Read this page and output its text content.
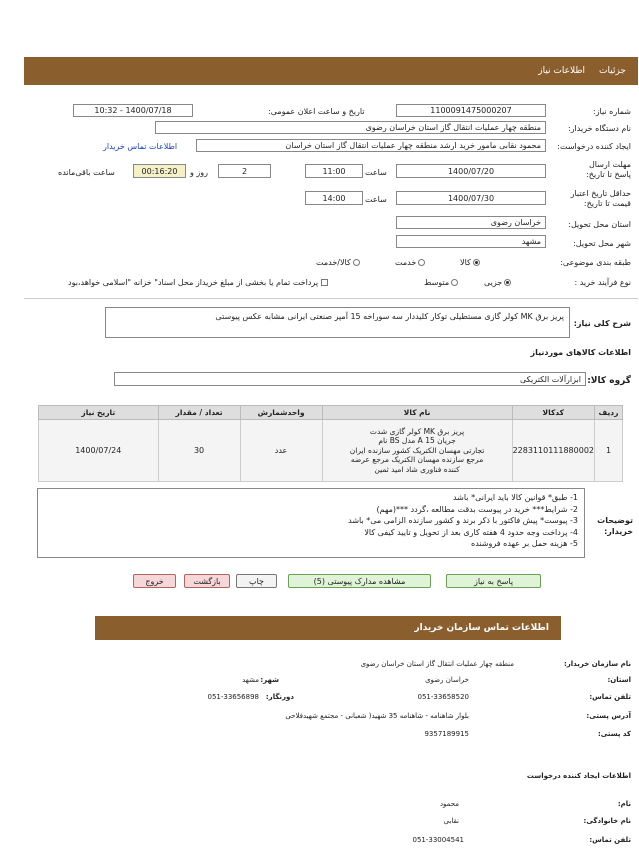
جزئیات
اطلاعات نیاز
شماره نیاز:
1100091475000207
تاریخ و ساعت اعلان عمومی:
1400/07/18 - 10:32
نام دستگاه خریدار:
منطقه چهار عملیات انتقال گاز استان خراسان رضوی
ایجاد کننده درخواست:
محمود نقابی مامور خرید ارشد منطقه چهار عملیات انتقال گاز استان خراسان
اطلاعات تماس خریدار
مهلت ارسال پاسخ تا تاریخ:
1400/07/20
ساعت
11:00
2
روز و
00:16:20
ساعت باقی‌مانده
حداقل تاریخ اعتبار قیمت تا تاریخ:
1400/07/30
ساعت
14:00
استان محل تحویل:
خراسان رضوی
شهر محل تحویل:
مشهد
طبقه بندی موضوعی:
کالا
خدمت
کالا/خدمت
نوع فرآیند خرید :
جزیی
متوسط
پرداخت تمام یا بخشی از مبلغ خریداز محل اسناد" خزانه "اسلامی خواهد،بود
شرح کلی نیاز:
پریز برق MK کولر گازی مستطیلی توکار کلیددار سه سوراخه 15 آمپر صنعتی ایرانی مشابه عکس پیوستی
اطلاعات کالاهای موردنیاز
گروه کالا:
ابزارآلات الکتریکی
ردیف	کدکالا	نام کالا	واحدشمارش	تعداد / مقدار	تاریخ نیاز
1	2283110111880002	پریز برق MK کولر گازی شدت
جریان 15 A مدل BS نام
تجارتی مهسان الکتریک کشور سازنده ایران
مرجع سازنده مهسان الکتریک مرجع عرضه
کننده فناوری شاد امید ثمین	عدد	30	1400/07/24
توضیحات خریدار:
1- طبق* قوانین کالا باید ایرانی* باشد
2- شرایط*** خرید در پیوست بدقت مطالعه ،گردد ***(مهم)
3- پیوست* پیش فاکتور با ذکر برند و کشور سازنده الزامی می* باشد
4- پرداخت وجه حدود 4 هفته کاری بعد از تحویل و تایید کیفی کالا
5- هزینه حمل بر عهده فروشنده
پاسخ به نیاز
مشاهده مدارک پیوستی (5)
چاپ
بازگشت
خروج
اطلاعات تماس سازمان خریدار
نام سازمان خریدار:
منطقه چهار عملیات انتقال گاز استان خراسان رضوی
استان:
خراسان رضوی
شهر:
مشهد
تلفن تماس:
051-33658520
دورنگار:
051-33656898
آدرس پستی:
بلوار شاهنامه - شاهنامه 35 شهید( شعبانی - مجتمع شهیدفلاحی
کد پستی:
9357189915
اطلاعات ایجاد کننده درخواست
نام:
محمود
نام خانوادگی:
نقابی
تلفن تماس:
051-33004541
